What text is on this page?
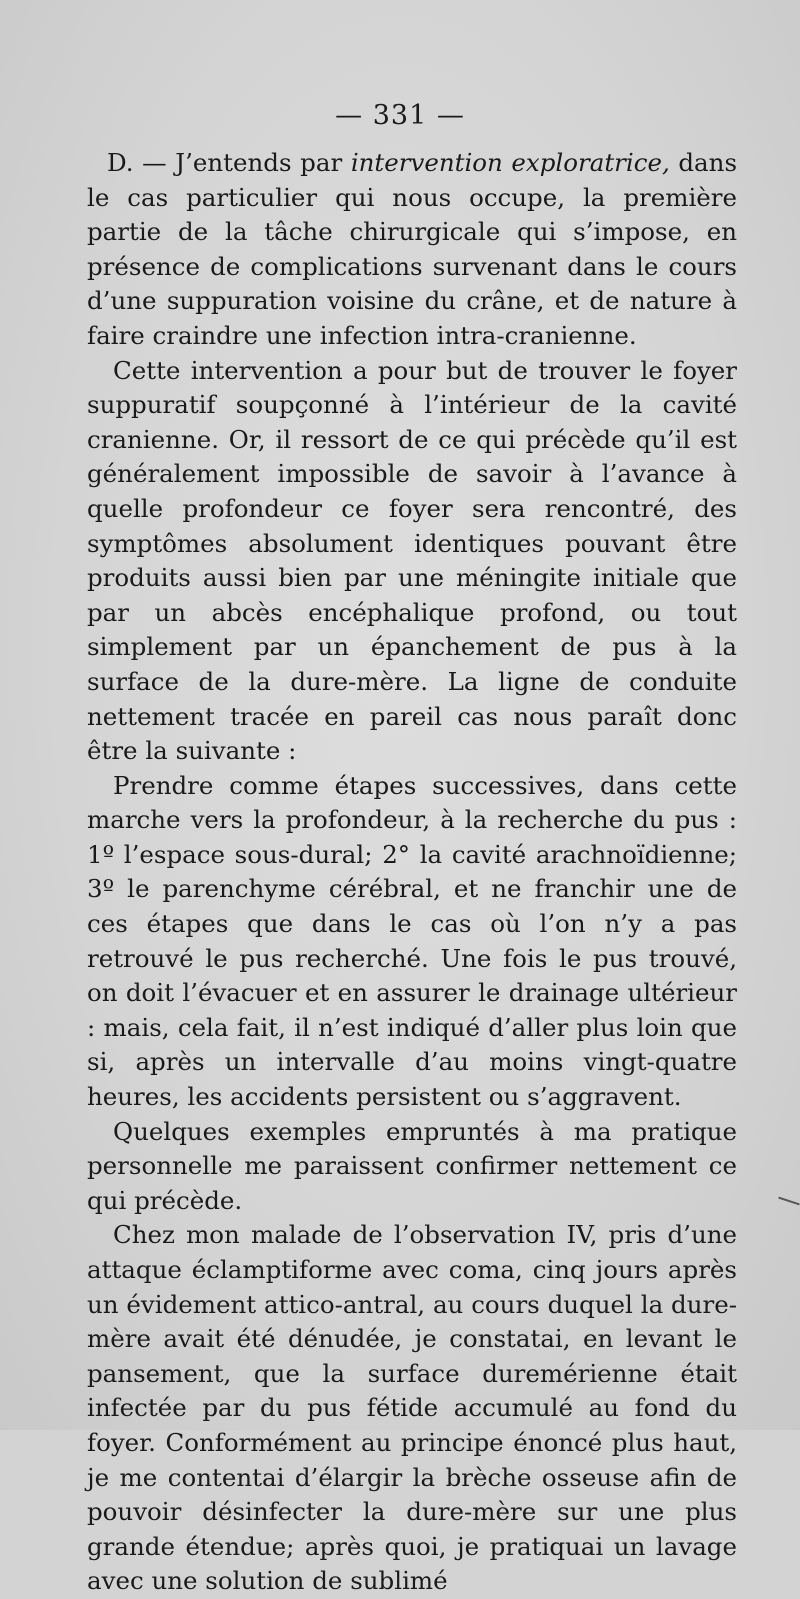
— 331 —

D. — J’entends par intervention exploratrice, dans le cas particulier qui nous occupe, la première partie de la tâche chirurgicale qui s’impose, en présence de complications survenant dans le cours d’une suppuration voisine du crâne, et de nature à faire craindre une infection intra-cranienne.

Cette intervention a pour but de trouver le foyer suppuratif soupçonné à l’intérieur de la cavité cranienne. Or, il ressort de ce qui précède qu’il est généralement impossible de savoir à l’avance à quelle profondeur ce foyer sera rencontré, des symptômes absolument identiques pouvant être produits aussi bien par une méningite initiale que par un abcès encéphalique profond, ou tout simplement par un épanchement de pus à la surface de la dure-mère. La ligne de conduite nettement tracée en pareil cas nous paraît donc être la suivante :

Prendre comme étapes successives, dans cette marche vers la profondeur, à la recherche du pus : 1º l’espace sous-dural; 2° la cavité arachnoïdienne; 3º le parenchyme cérébral, et ne franchir une de ces étapes que dans le cas où l’on n’y a pas retrouvé le pus recherché. Une fois le pus trouvé, on doit l’évacuer et en assurer le drainage ultérieur : mais, cela fait, il n’est indiqué d’aller plus loin que si, après un intervalle d’au moins vingt-quatre heures, les accidents persistent ou s’aggravent.

Quelques exemples empruntés à ma pratique personnelle me paraissent confirmer nettement ce qui précède.

Chez mon malade de l’observation IV, pris d’une attaque éclamptiforme avec coma, cinq jours après un évidement attico-antral, au cours duquel la dure-mère avait été dénudée, je constatai, en levant le pansement, que la surface duremérienne était infectée par du pus fétide accumulé au fond du foyer. Conformément au principe énoncé plus haut, je me contentai d’élargir la brèche osseuse afin de pouvoir désinfecter la dure-mère sur une plus grande étendue; après quoi, je pratiquai un lavage avec une solution de sublimé
